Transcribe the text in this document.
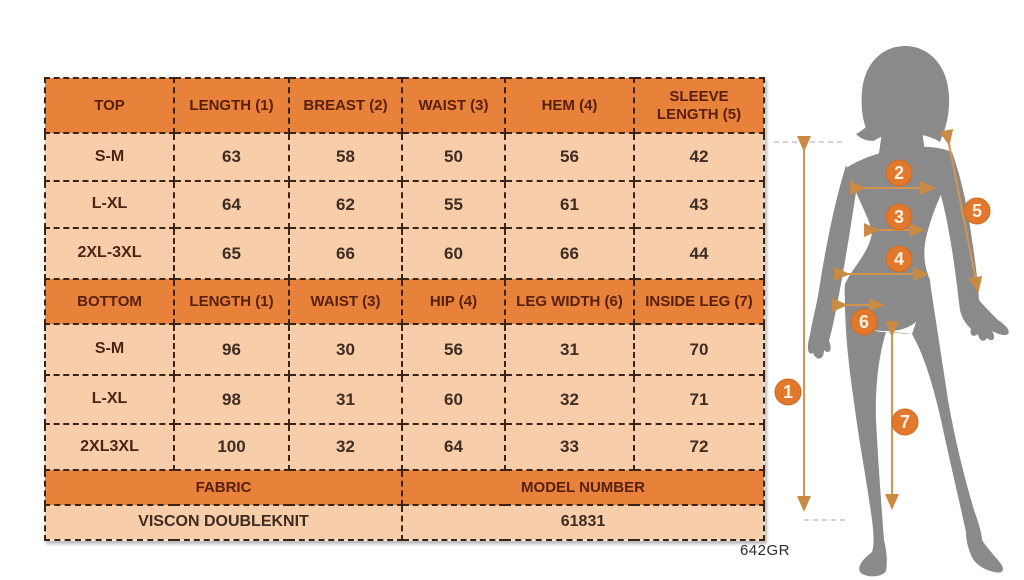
TOP	LENGTH (1)	BREAST (2)	WAIST (3)	HEM (4)	SLEEVE LENGTH (5)
S-M	63	58	50	56	42
L-XL	64	62	55	61	43
2XL-3XL	65	66	60	66	44
BOTTOM	LENGTH (1)	WAIST (3)	HIP (4)	LEG WIDTH (6)	INSIDE LEG (7)
S-M	96	30	56	31	70
L-XL	98	31	60	32	71
2XL3XL	100	32	64	33	72
FABRIC			MODEL NUMBER		
VISCON DOUBLEKNIT			61831		
642GR
1
2
3
4
5
6
7
